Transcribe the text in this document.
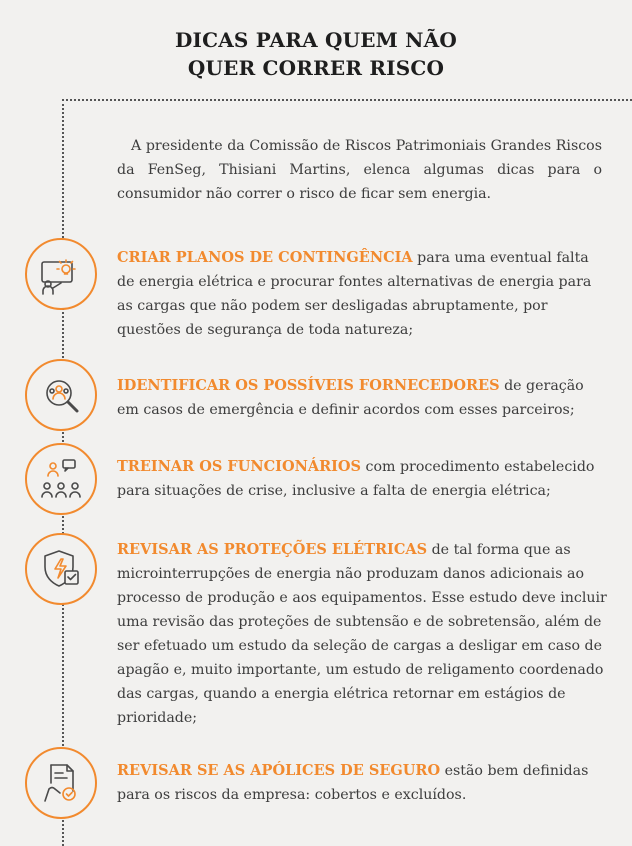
DICAS PARA QUEM NÃO
QUER CORRER RISCO

A presidente da Comissão de Riscos Patrimoniais Grandes Riscos da FenSeg, Thisiani Martins, elenca algumas dicas para o consumidor não correr o risco de ficar sem energia.

CRIAR PLANOS DE CONTINGÊNCIA para uma eventual falta de energia elétrica e procurar fontes alternativas de energia para as cargas que não podem ser desligadas abruptamente, por questões de segurança de toda natureza;

IDENTIFICAR OS POSSÍVEIS FORNECEDORES de geração em casos de emergência e definir acordos com esses parceiros;

TREINAR OS FUNCIONÁRIOS com procedimento estabelecido para situações de crise, inclusive a falta de energia elétrica;

REVISAR AS PROTEÇÕES ELÉTRICAS de tal forma que as microinterrupções de energia não produzam danos adicionais ao processo de produção e aos equipamentos. Esse estudo deve incluir uma revisão das proteções de subtensão e de sobretensão, além de ser efetuado um estudo da seleção de cargas a desligar em caso de apagão e, muito importante, um estudo de religamento coordenado das cargas, quando a energia elétrica retornar em estágios de prioridade;

REVISAR SE AS APÓLICES DE SEGURO estão bem definidas para os riscos da empresa: cobertos e excluídos.
